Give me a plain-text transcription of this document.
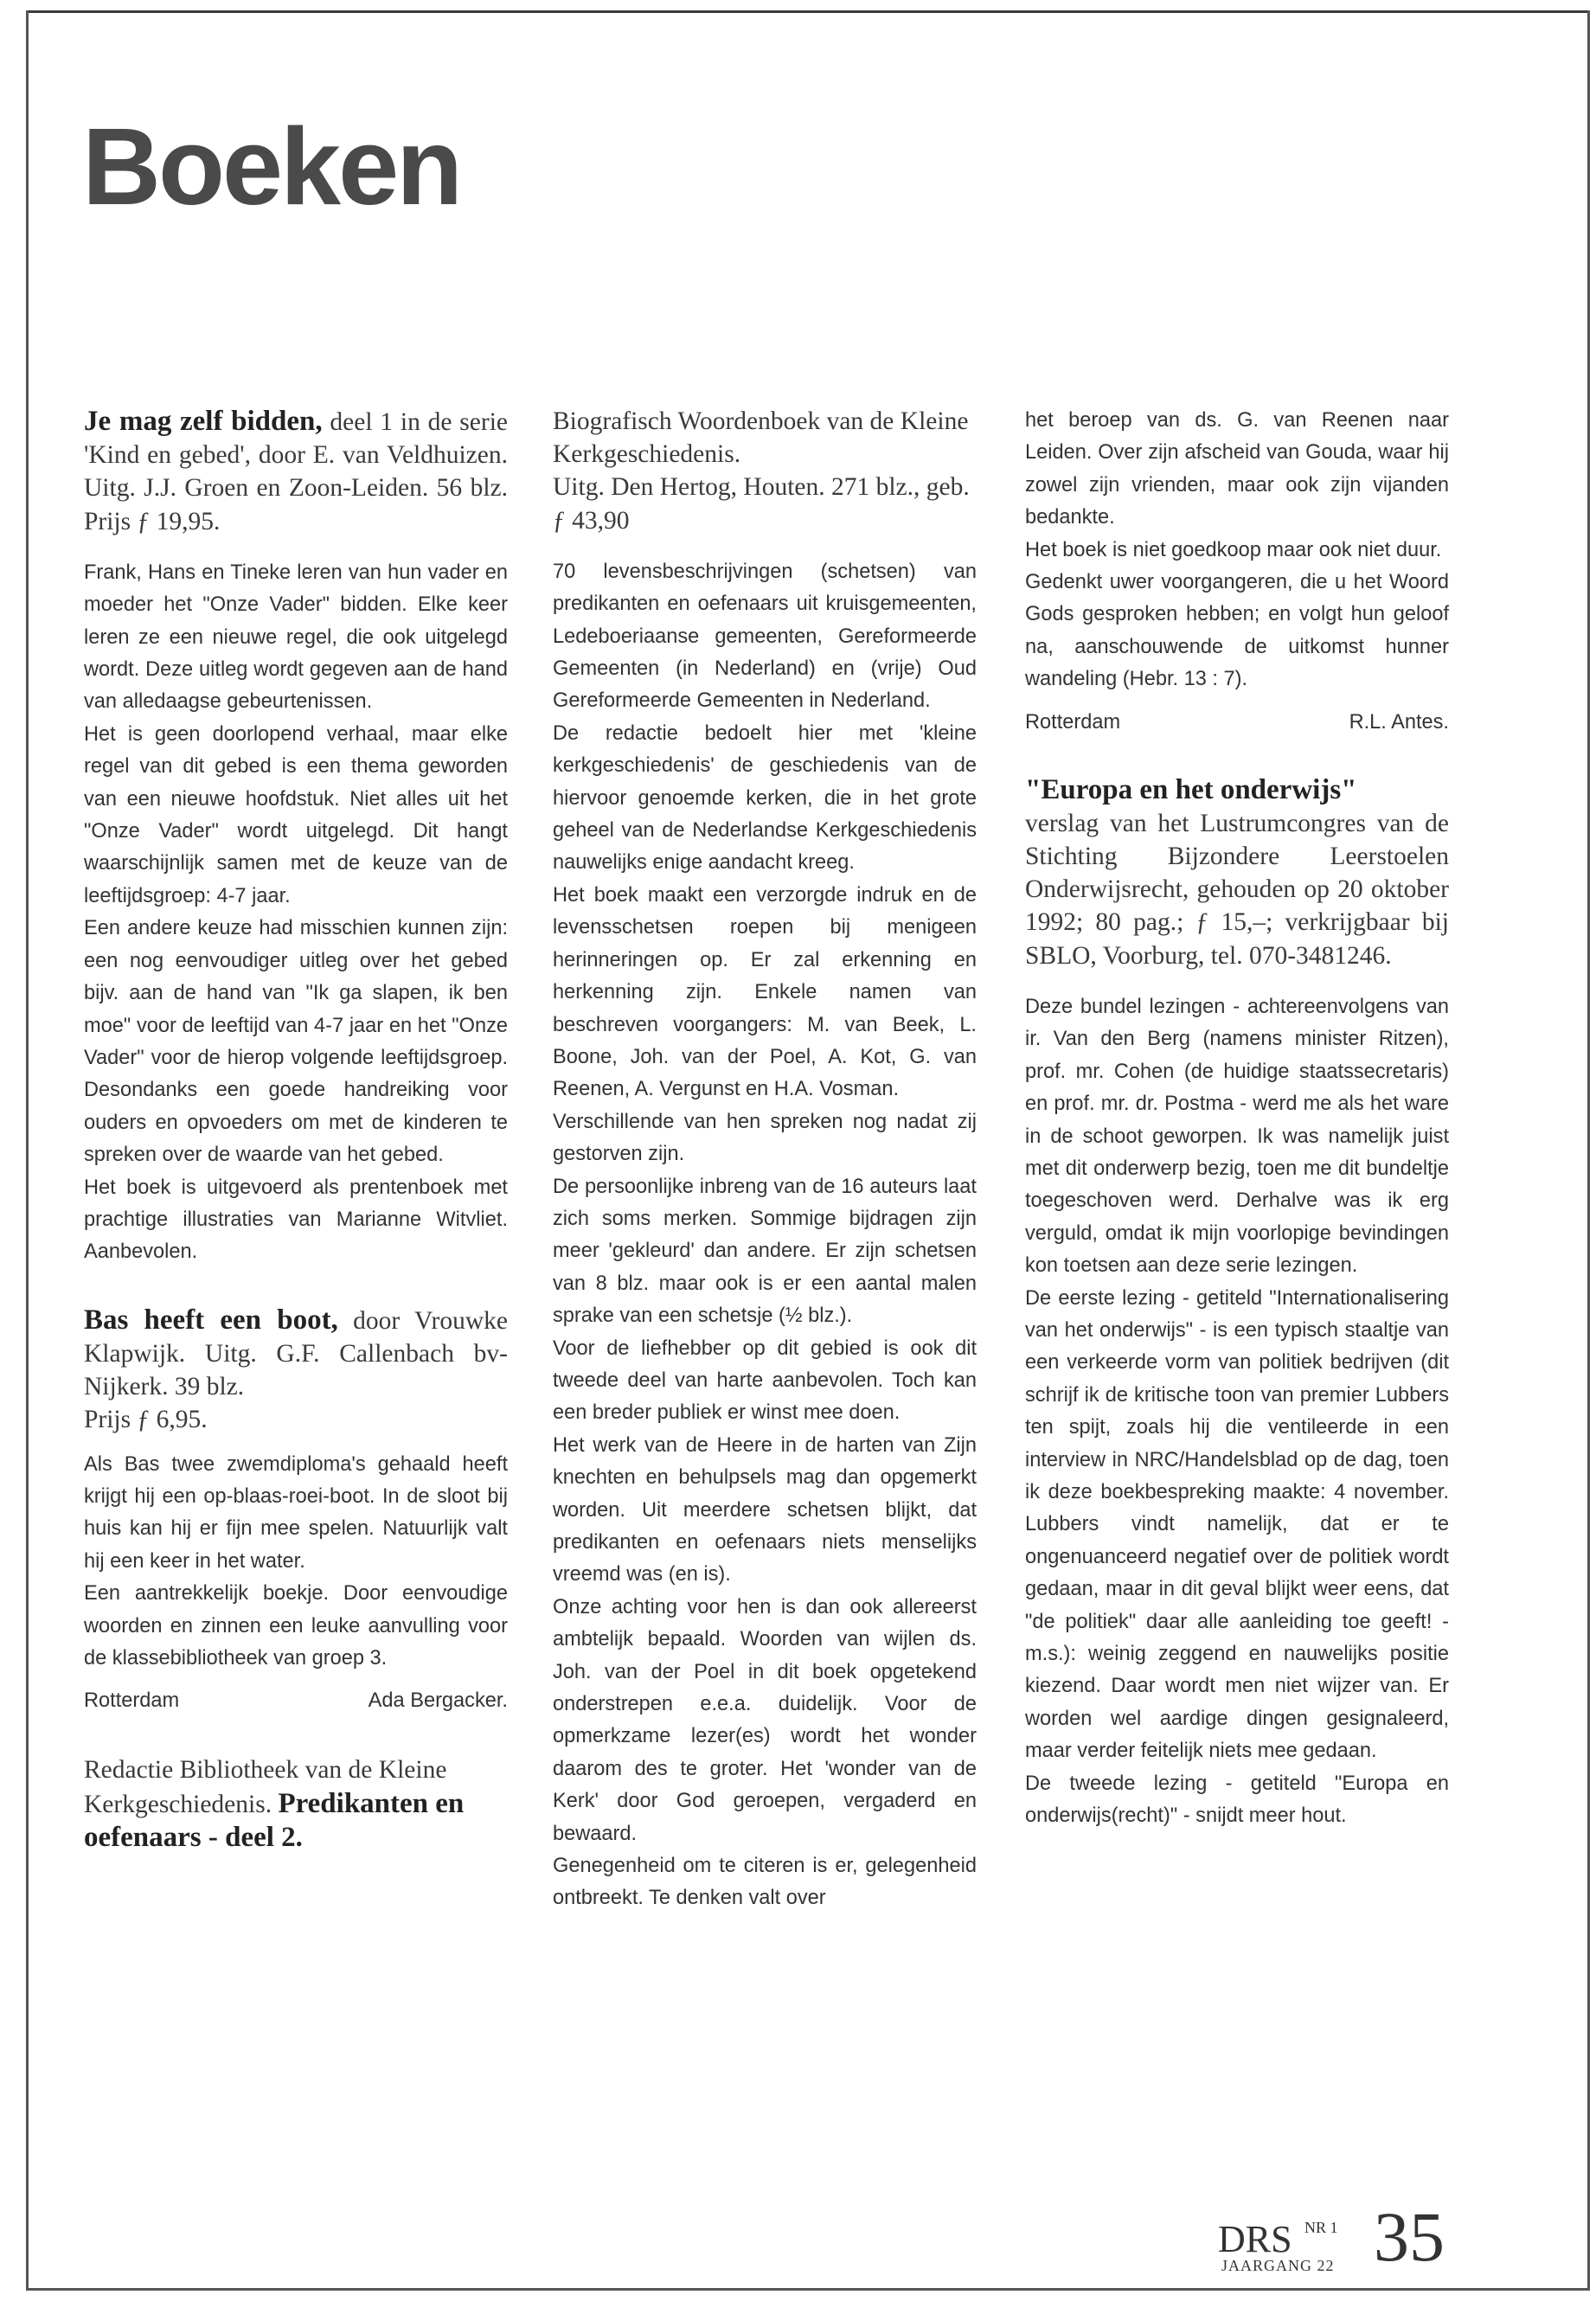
Boeken

Je mag zelf bidden, deel 1 in de serie 'Kind en gebed', door E. van Veldhuizen. Uitg. J.J. Groen en Zoon-Leiden. 56 blz. Prijs ƒ 19,95.

Frank, Hans en Tineke leren van hun vader en moeder het "Onze Vader" bidden. Elke keer leren ze een nieuwe regel, die ook uitgelegd wordt. Deze uitleg wordt gegeven aan de hand van alledaagse gebeurtenissen.

Het is geen doorlopend verhaal, maar elke regel van dit gebed is een thema geworden van een nieuwe hoofdstuk. Niet alles uit het "Onze Vader" wordt uitgelegd. Dit hangt waarschijnlijk samen met de keuze van de leeftijdsgroep: 4-7 jaar.

Een andere keuze had misschien kunnen zijn: een nog eenvoudiger uitleg over het gebed bijv. aan de hand van "Ik ga slapen, ik ben moe" voor de leeftijd van 4-7 jaar en het "Onze Vader" voor de hierop volgende leeftijdsgroep. Desondanks een goede handreiking voor ouders en opvoeders om met de kinderen te spreken over de waarde van het gebed.

Het boek is uitgevoerd als prentenboek met prachtige illustraties van Marianne Witvliet. Aanbevolen.

Bas heeft een boot, door Vrouwke Klapwijk. Uitg. G.F. Callenbach bv-Nijkerk. 39 blz.
Prijs ƒ 6,95.

Als Bas twee zwemdiploma's gehaald heeft krijgt hij een op-blaas-roei-boot. In de sloot bij huis kan hij er fijn mee spelen. Natuurlijk valt hij een keer in het water.

Een aantrekkelijk boekje. Door eenvoudige woorden en zinnen een leuke aanvulling voor de klassebibliotheek van groep 3.

Rotterdam	Ada Bergacker.

Redactie Bibliotheek van de Kleine Kerkgeschiedenis. Predikanten en oefenaars - deel 2.

Biografisch Woordenboek van de Kleine Kerkgeschiedenis.
Uitg. Den Hertog, Houten. 271 blz., geb. ƒ 43,90

70 levensbeschrijvingen (schetsen) van predikanten en oefenaars uit kruisgemeenten, Ledeboeriaanse gemeenten, Gereformeerde Gemeenten (in Nederland) en (vrije) Oud Gereformeerde Gemeenten in Nederland.

De redactie bedoelt hier met 'kleine kerkgeschiedenis' de geschiedenis van de hiervoor genoemde kerken, die in het grote geheel van de Nederlandse Kerkgeschiedenis nauwelijks enige aandacht kreeg.

Het boek maakt een verzorgde indruk en de levensschetsen roepen bij menigeen herinneringen op. Er zal erkenning en herkenning zijn. Enkele namen van beschreven voorgangers: M. van Beek, L. Boone, Joh. van der Poel, A. Kot, G. van Reenen, A. Vergunst en H.A. Vosman.

Verschillende van hen spreken nog nadat zij gestorven zijn.

De persoonlijke inbreng van de 16 auteurs laat zich soms merken. Sommige bijdragen zijn meer 'gekleurd' dan andere. Er zijn schetsen van 8 blz. maar ook is er een aantal malen sprake van een schetsje (½ blz.).

Voor de liefhebber op dit gebied is ook dit tweede deel van harte aanbevolen. Toch kan een breder publiek er winst mee doen.

Het werk van de Heere in de harten van Zijn knechten en behulpsels mag dan opgemerkt worden. Uit meerdere schetsen blijkt, dat predikanten en oefenaars niets menselijks vreemd was (en is).

Onze achting voor hen is dan ook allereerst ambtelijk bepaald. Woorden van wijlen ds. Joh. van der Poel in dit boek opgetekend onderstrepen e.e.a. duidelijk. Voor de opmerkzame lezer(es) wordt het wonder daarom des te groter. Het 'wonder van de Kerk' door God geroepen, vergaderd en bewaard.

Genegenheid om te citeren is er, gelegenheid ontbreekt. Te denken valt over

het beroep van ds. G. van Reenen naar Leiden. Over zijn afscheid van Gouda, waar hij zowel zijn vrienden, maar ook zijn vijanden bedankte.

Het boek is niet goedkoop maar ook niet duur.

Gedenkt uwer voorgangeren, die u het Woord Gods gesproken hebben; en volgt hun geloof na, aanschouwende de uitkomst hunner wandeling (Hebr. 13 : 7).

Rotterdam	R.L. Antes.

"Europa en het onderwijs"
verslag van het Lustrumcongres van de Stichting Bijzondere Leerstoelen Onderwijsrecht, gehouden op 20 oktober 1992; 80 pag.; ƒ 15,–; verkrijgbaar bij SBLO, Voorburg, tel. 070-3481246.

Deze bundel lezingen - achtereenvolgens van ir. Van den Berg (namens minister Ritzen), prof. mr. Cohen (de huidige staatssecretaris) en prof. mr. dr. Postma - werd me als het ware in de schoot geworpen. Ik was namelijk juist met dit onderwerp bezig, toen me dit bundeltje toegeschoven werd. Derhalve was ik erg verguld, omdat ik mijn voorlopige bevindingen kon toetsen aan deze serie lezingen.

De eerste lezing - getiteld "Internationalisering van het onderwijs" - is een typisch staaltje van een verkeerde vorm van politiek bedrijven (dit schrijf ik de kritische toon van premier Lubbers ten spijt, zoals hij die ventileerde in een interview in NRC/Handelsblad op de dag, toen ik deze boekbespreking maakte: 4 november. Lubbers vindt namelijk, dat er te ongenuanceerd negatief over de politiek wordt gedaan, maar in dit geval blijkt weer eens, dat "de politiek" daar alle aanleiding toe geeft! - m.s.): weinig zeggend en nauwelijks positie kiezend. Daar wordt men niet wijzer van. Er worden wel aardige dingen gesignaleerd, maar verder feitelijk niets mee gedaan.

De tweede lezing - getiteld "Europa en onderwijs(recht)" - snijdt meer hout.

DRS NR 1
JAARGANG 22 35
